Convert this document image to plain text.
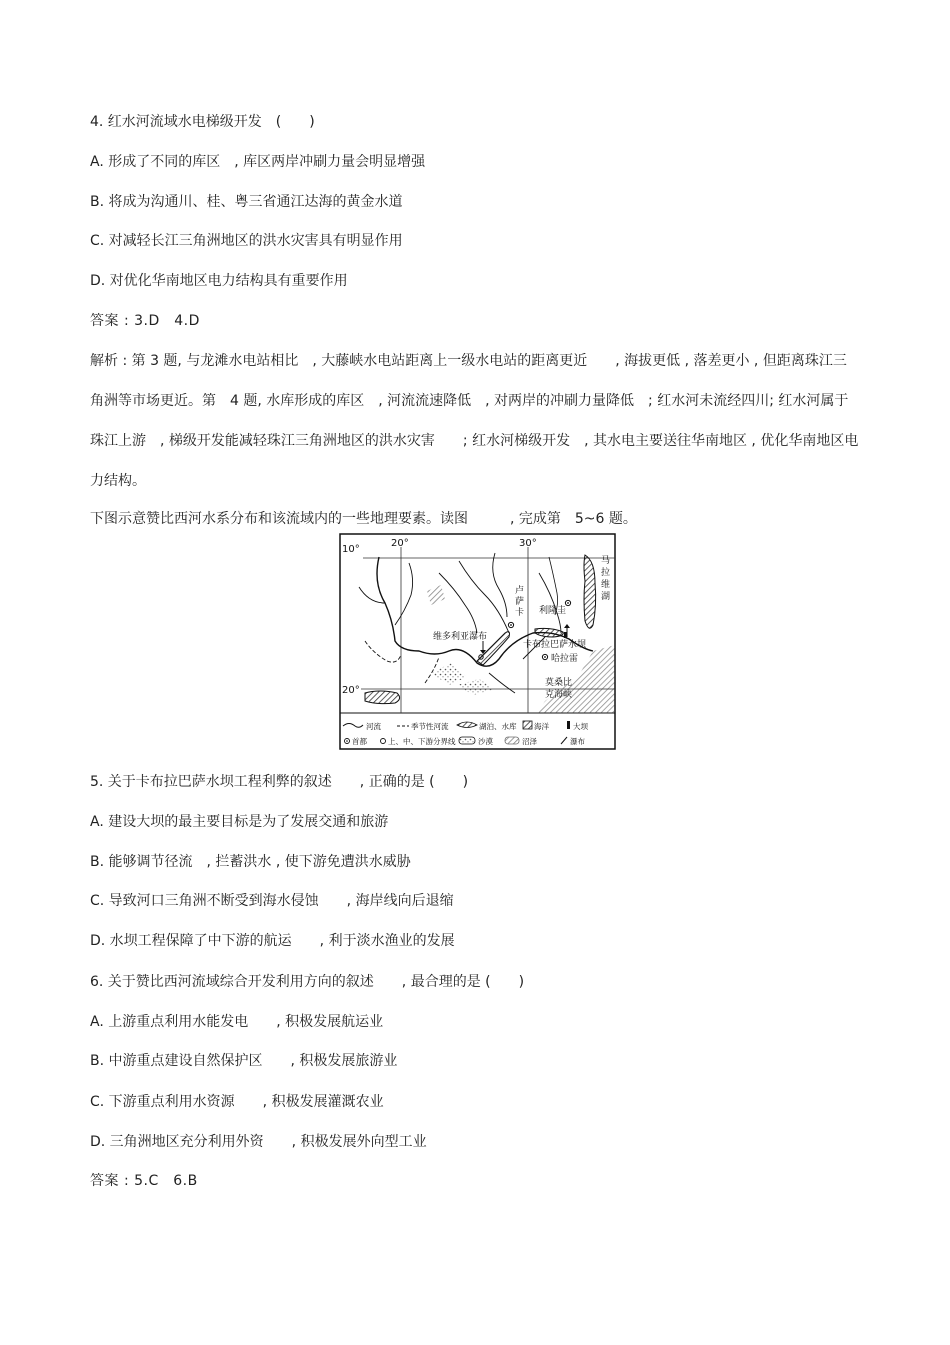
4. 红水河流域水电梯级开发　(　　)
A. 形成了不同的库区　, 库区两岸冲刷力量会明显增强
B. 将成为沟通川、桂、粤三省通江达海的黄金水道
C. 对减轻长江三角洲地区的洪水灾害具有明显作用
D. 对优化华南地区电力结构具有重要作用
答案 : 3.D　4.D
解析 : 第 3 题, 与龙滩水电站相比　, 大藤峡水电站距离上一级水电站的距离更近　　, 海拔更低 , 落差更小 , 但距离珠江三角洲等市场更近。第　4 题, 水库形成的库区　, 河流流速降低　, 对两岸的冲刷力量降低　; 红水河未流经四川; 红水河属于珠江上游　, 梯级开发能减轻珠江三角洲地区的洪水灾害　　; 红水河梯级开发　, 其水电主要送往华南地区 , 优化华南地区电力结构。
下图示意赞比西河水系分布和该流域内的一些地理要素。读图　　　, 完成第　5~6 题。
10°
20°
20°	30°
马
拉
维
湖
卢
萨
卡 利隆圭
维多利亚瀑布
卡布拉巴萨水坝
哈拉雷
莫桑比
克海峡
河流	季节性河流	湖泊、水库 海洋	大坝
首都	上、中、下游分界线	沙漠	沼泽	瀑布
5. 关于卡布拉巴萨水坝工程利弊的叙述　　, 正确的是 (　　)
A. 建设大坝的最主要目标是为了发展交通和旅游
B. 能够调节径流　, 拦蓄洪水 , 使下游免遭洪水威胁
C. 导致河口三角洲不断受到海水侵蚀　　, 海岸线向后退缩
D. 水坝工程保障了中下游的航运　　, 利于淡水渔业的发展
6. 关于赞比西河流域综合开发利用方向的叙述　　, 最合理的是 (　　)
A. 上游重点利用水能发电　　, 积极发展航运业
B. 中游重点建设自然保护区　　, 积极发展旅游业
C. 下游重点利用水资源　　, 积极发展灌溉农业
D. 三角洲地区充分利用外资　　, 积极发展外向型工业
答案 : 5.C　6.B
